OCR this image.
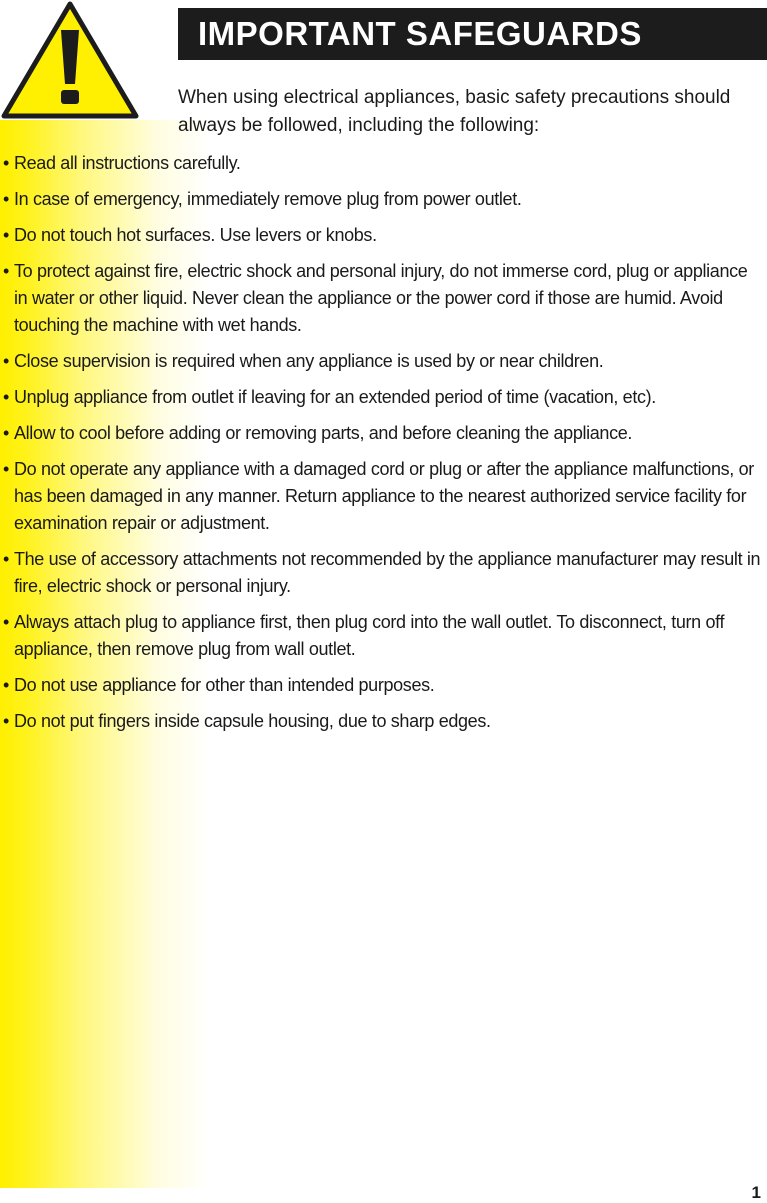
IMPORTANT SAFEGUARDS

When using electrical appliances, basic safety precautions should always be followed, including the following:

• Read all instructions carefully.
• In case of emergency, immediately remove plug from power outlet.
• Do not touch hot surfaces. Use levers or knobs.
• To protect against fire, electric shock and personal injury, do not immerse cord, plug or appliance in water or other liquid. Never clean the appliance or the power cord if those are humid. Avoid touching the machine with wet hands.
• Close supervision is required when any appliance is used by or near children.
• Unplug appliance from outlet if leaving for an extended period of time (vacation, etc).
• Allow to cool before adding or removing parts, and before cleaning the appliance.
• Do not operate any appliance with a damaged cord or plug or after the appliance malfunctions, or has been damaged in any manner. Return appliance to the nearest authorized service facility for examination repair or adjustment.
• The use of accessory attachments not recommended by the appliance manufacturer may result in fire, electric shock or personal injury.
• Always attach plug to appliance first, then plug cord into the wall outlet. To disconnect, turn off appliance, then remove plug from wall outlet.
• Do not use appliance for other than intended purposes.
• Do not put fingers inside capsule housing, due to sharp edges.
1
